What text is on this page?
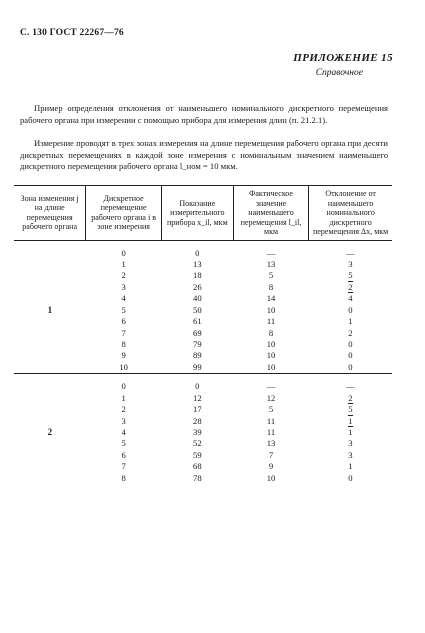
С. 130 ГОСТ 22267—76
ПРИЛОЖЕНИЕ 15
Справочное
Пример определения отклонения от наименьшего номинального дискретного перемещения рабочего органа при измерении с помощью прибора для измерения длин (п. 21.2.1).
Измерение проводят в трех зонах измерения на длине перемещения рабочего органа при десяти дискретных перемещениях в каждой зоне измерения с номинальным значением наименьшего дискретного перемещения рабочего органа l_ном = 10 мкм.
Зона изменения j на длине перемещения рабочего органа	Дискретное перемещение рабочего органа i в зоне измерения	Показание измерительного прибора x_il, мкм	Фактическое значение наименьшего перемещения l_il, мкм	Отклонение от наименьшего номинального дискретного перемещения Δx, мкм

1	0	0	—	—
	1	13	13	3
	2	18	5	5
	3	26	8	2
	4	40	14	4
	5	50	10	0
	6	61	11	1
	7	69	8	2
	8	79	10	0
	9	89	10	0
	10	99	10	0

2	0	0	—	—
	1	12	12	2
	2	17	5	5
	3	28	11	1
	4	39	11	1
	5	52	13	3
	6	59	7	3
	7	68	9	1
	8	78	10	0
